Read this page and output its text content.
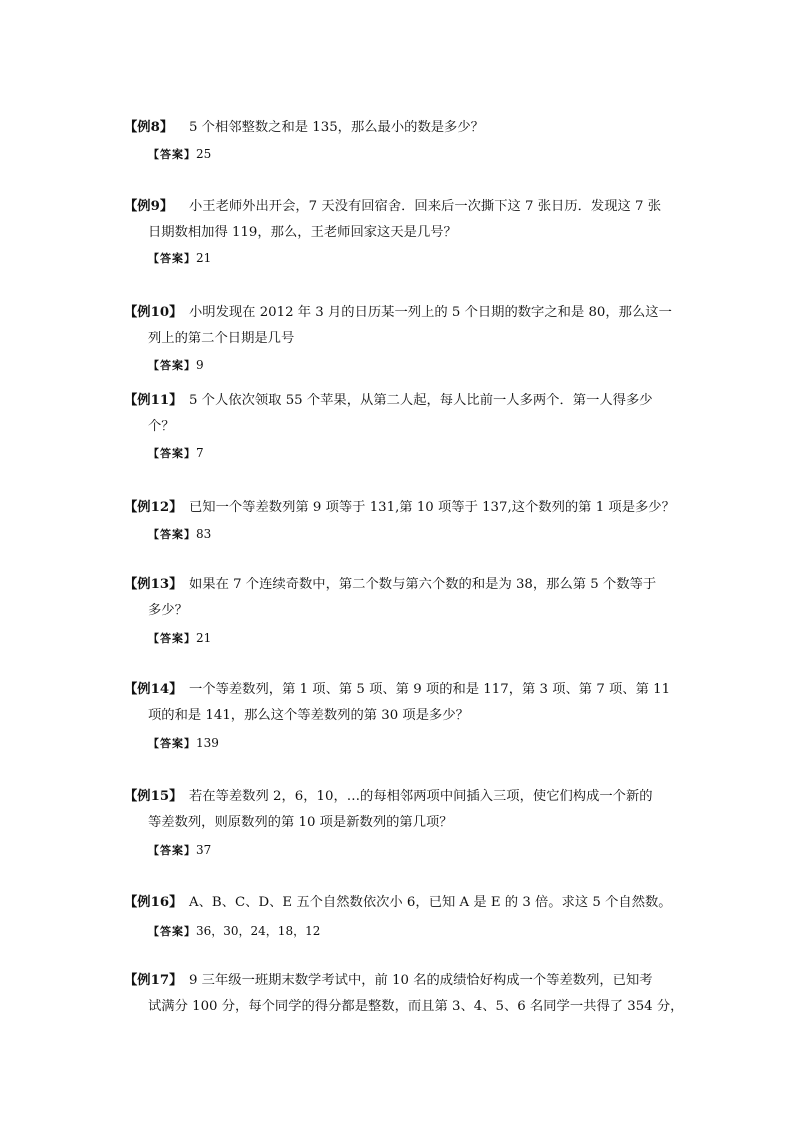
【例8】 5 个相邻整数之和是 135，那么最小的数是多少？
【答案】25
【例9】 小王老师外出开会，7 天没有回宿舍．回来后一次撕下这 7 张日历．发现这 7 张
日期数相加得 119，那么，王老师回家这天是几号？
【答案】21
【例10】 小明发现在 2012 年 3 月的日历某一列上的 5 个日期的数字之和是 80，那么这一
列上的第二个日期是几号
【答案】9
【例11】 5 个人依次领取 55 个苹果，从第二人起，每人比前一人多两个．第一人得多少
个？
【答案】7
【例12】 已知一个等差数列第 9 项等于 131,第 10 项等于 137,这个数列的第 1 项是多少？
【答案】83
【例13】 如果在 7 个连续奇数中，第二个数与第六个数的和是为 38，那么第 5 个数等于
多少？
【答案】21
【例14】 一个等差数列，第 1 项、第 5 项、第 9 项的和是 117，第 3 项、第 7 项、第 11
项的和是 141，那么这个等差数列的第 30 项是多少？
【答案】139
【例15】 若在等差数列 2，6，10，…的每相邻两项中间插入三项，使它们构成一个新的
等差数列，则原数列的第 10 项是新数列的第几项？
【答案】37
【例16】 A、B、C、D、E 五个自然数依次小 6，已知 A 是 E 的 3 倍。求这 5 个自然数。
【答案】36，30，24，18，12
【例17】 9 三年级一班期末数学考试中，前 10 名的成绩恰好构成一个等差数列，已知考
试满分 100 分，每个同学的得分都是整数，而且第 3、4、5、6 名同学一共得了 354 分，
